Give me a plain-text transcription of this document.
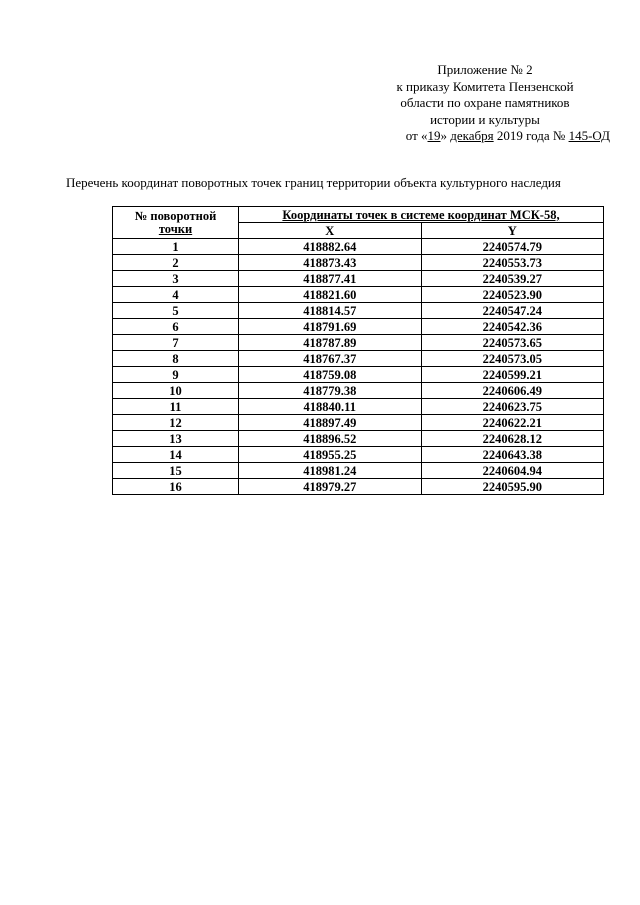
Приложение № 2
к приказу Комитета Пензенской
области по охране памятников
истории и культуры
от «19» декабря 2019 года № 145-ОД
Перечень координат поворотных точек границ территории объекта культурного наследия
№ поворотной
точки	Координаты точек в системе координат МСК-58,	
	X	Y
1	418882.64	2240574.79
2	418873.43	2240553.73
3	418877.41	2240539.27
4	418821.60	2240523.90
5	418814.57	2240547.24
6	418791.69	2240542.36
7	418787.89	2240573.65
8	418767.37	2240573.05
9	418759.08	2240599.21
10	418779.38	2240606.49
11	418840.11	2240623.75
12	418897.49	2240622.21
13	418896.52	2240628.12
14	418955.25	2240643.38
15	418981.24	2240604.94
16	418979.27	2240595.90
